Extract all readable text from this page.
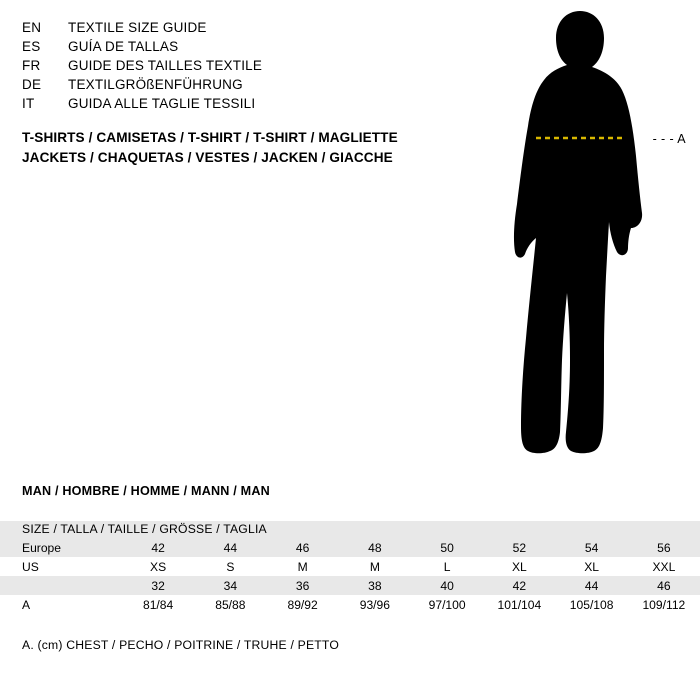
EN	TEXTILE SIZE GUIDE
ES	GUÍA DE TALLAS
FR	GUIDE DES TAILLES TEXTILE
DE	TEXTILGRÖßENFÜHRUNG
IT	GUIDA ALLE TAGLIE TESSILI
T-SHIRTS / CAMISETAS / T-SHIRT / T-SHIRT / MAGLIETTE
JACKETS / CHAQUETAS / VESTES / JACKEN / GIACCHE
- - - A
MAN / HOMBRE / HOMME / MANN / MAN
SIZE / TALLA / TAILLE / GRÖSSE / TAGLIA
Europe	42	44	46	48	50	52	54	56
US	XS	S	M	M	L	XL	XL	XXL
	32	34	36	38	40	42	44	46
A	81/84	85/88	89/92	93/96	97/100	101/104	105/108	109/112
A. (cm) CHEST / PECHO / POITRINE / TRUHE / PETTO
